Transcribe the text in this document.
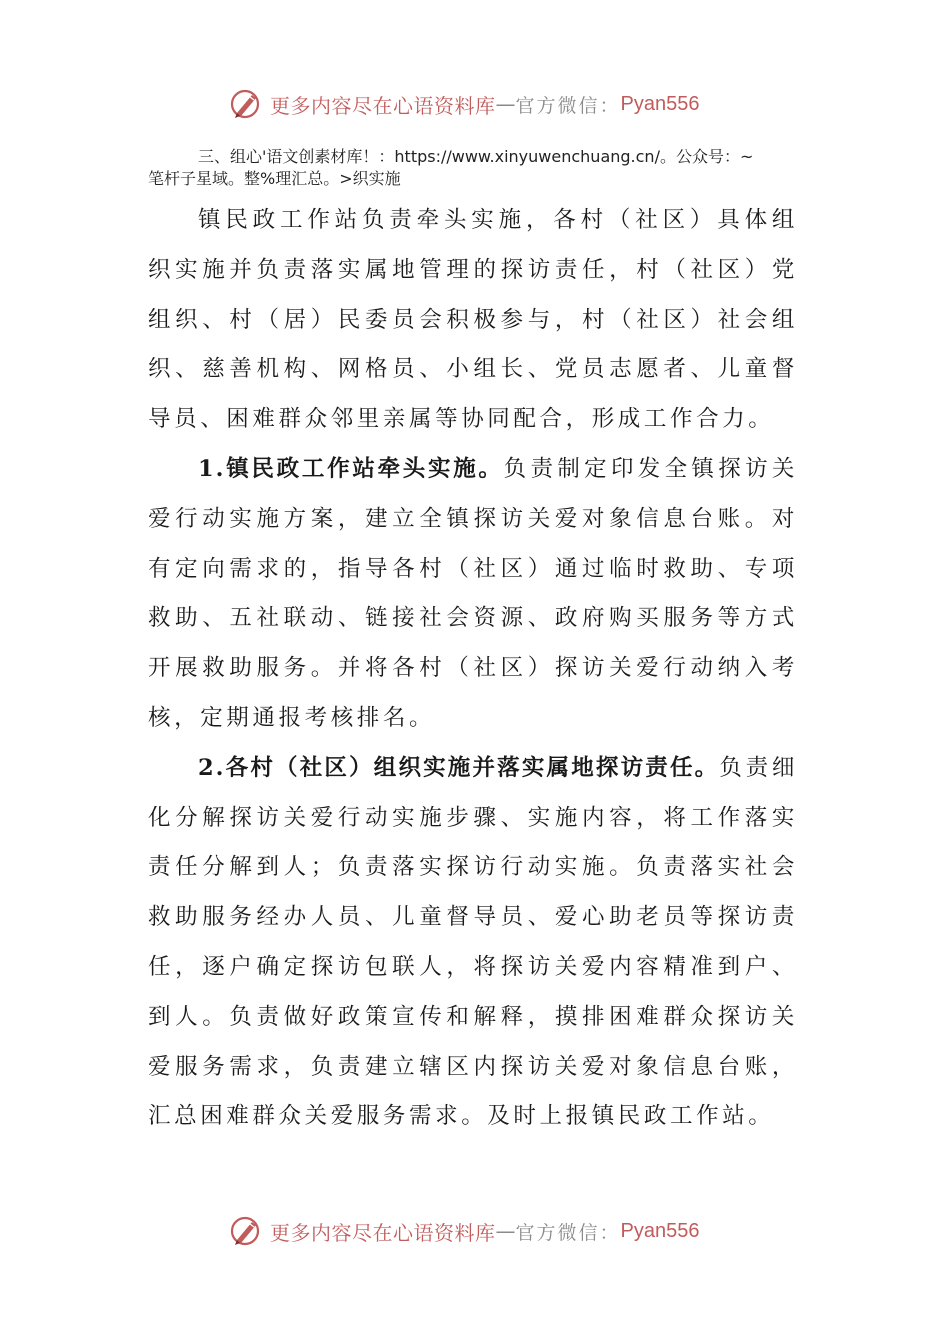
更多内容尽在心语资料库 — 官方微信： Pyan556
三、组心'语文创素材库！：https://www.xinyuwenchuang.cn/。公众号：~
笔杆子星域。整%理汇总。>织实施

镇民政工作站负责牵头实施，各村（社区）具体组织实施并负责落实属地管理的探访责任，村（社区）党组织、村（居）民委员会积极参与，村（社区）社会组织、慈善机构、网格员、小组长、党员志愿者、儿童督导员、困难群众邻里亲属等协同配合，形成工作合力。

1.镇民政工作站牵头实施。负责制定印发全镇探访关爱行动实施方案，建立全镇探访关爱对象信息台账。对有定向需求的，指导各村（社区）通过临时救助、专项救助、五社联动、链接社会资源、政府购买服务等方式开展救助服务。并将各村（社区）探访关爱行动纳入考核，定期通报考核排名。

2.各村（社区）组织实施并落实属地探访责任。负责细化分解探访关爱行动实施步骤、实施内容，将工作落实责任分解到人；负责落实探访行动实施。负责落实社会救助服务经办人员、儿童督导员、爱心助老员等探访责任，逐户确定探访包联人，将探访关爱内容精准到户、到人。负责做好政策宣传和解释，摸排困难群众探访关爱服务需求，负责建立辖区内探访关爱对象信息台账，汇总困难群众关爱服务需求。及时上报镇民政工作站。

更多内容尽在心语资料库 — 官方微信： Pyan556
